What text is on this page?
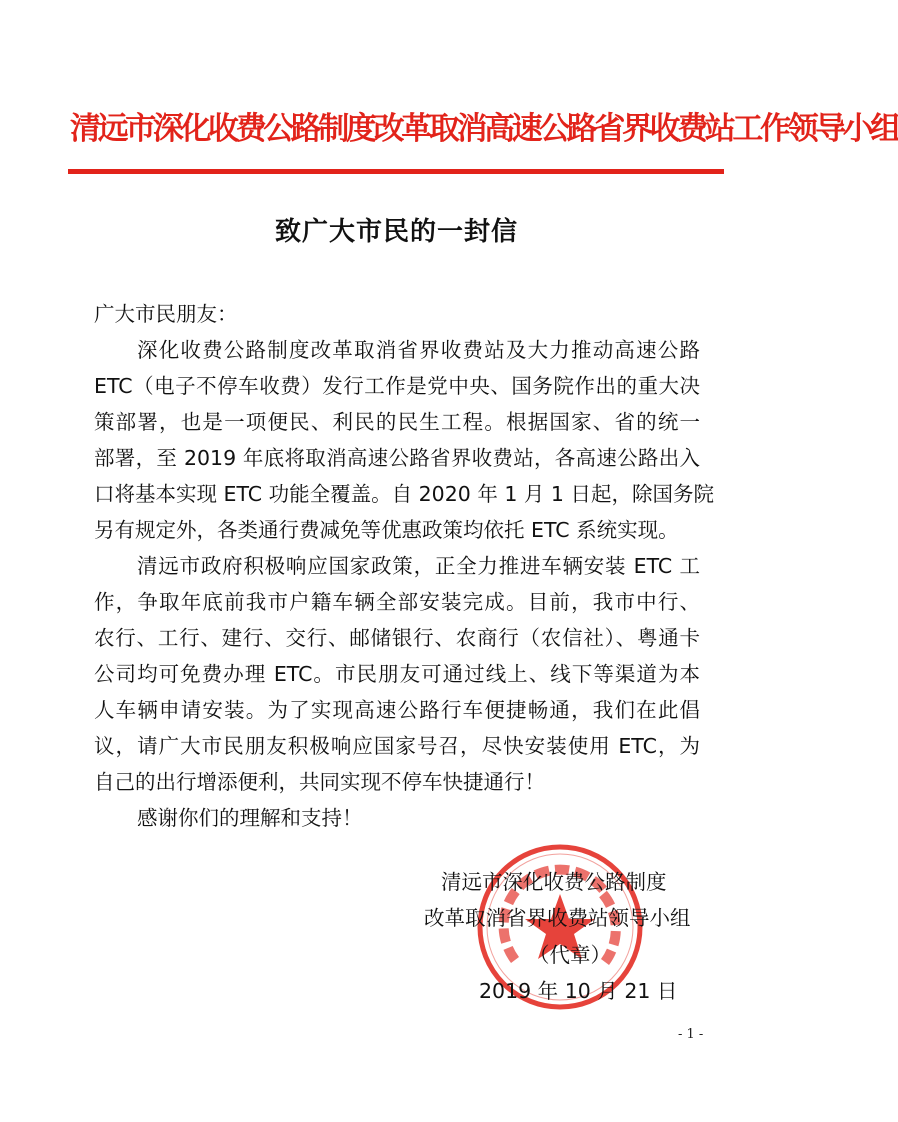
清远市深化收费公路制度改革取消高速公路省界收费站工作领导小组
致广大市民的一封信
广大市民朋友：
深化收费公路制度改革取消省界收费站及大力推动高速公路
ETC（电子不停车收费）发行工作是党中央、国务院作出的重大决
策部署，也是一项便民、利民的民生工程。根据国家、省的统一
部署，至 2019 年底将取消高速公路省界收费站，各高速公路出入
口将基本实现 ETC 功能全覆盖。自 2020 年 1 月 1 日起，除国务院
另有规定外，各类通行费减免等优惠政策均依托 ETC 系统实现。
清远市政府积极响应国家政策，正全力推进车辆安装 ETC 工
作，争取年底前我市户籍车辆全部安装完成。目前，我市中行、
农行、工行、建行、交行、邮储银行、农商行（农信社）、粤通卡
公司均可免费办理 ETC。市民朋友可通过线上、线下等渠道为本
人车辆申请安装。为了实现高速公路行车便捷畅通，我们在此倡
议，请广大市民朋友积极响应国家号召，尽快安装使用 ETC，为
自己的出行增添便利，共同实现不停车快捷通行！
感谢你们的理解和支持！
清远市深化收费公路制度
改革取消省界收费站领导小组
（代章）
2019 年 10 月 21 日
- 1 -
